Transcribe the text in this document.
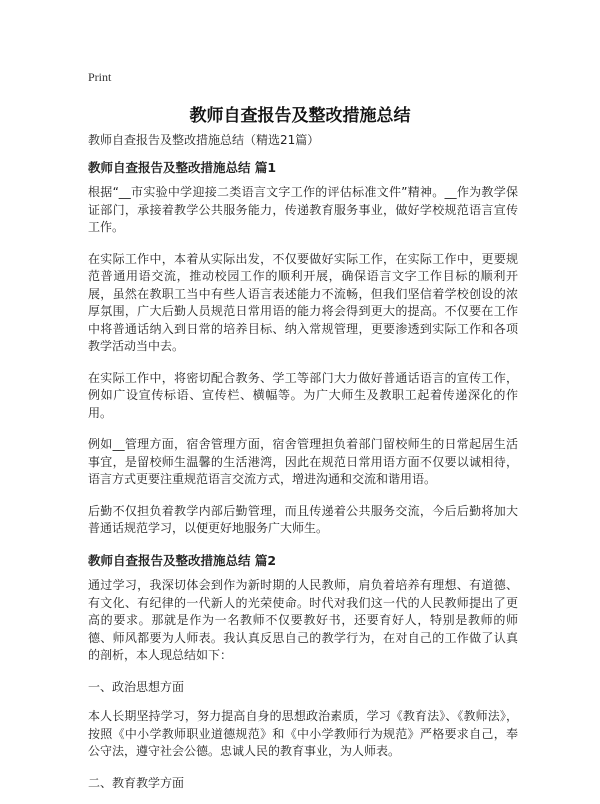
Print
教师自查报告及整改措施总结

教师自查报告及整改措施总结（精选21篇）

教师自查报告及整改措施总结 篇1

根据“__市实验中学迎接二类语言文字工作的评估标准文件”精神。__作为教学保证部门，承接着教学公共服务能力，传递教育服务事业，做好学校规范语言宣传工作。

在实际工作中，本着从实际出发，不仅要做好实际工作，在实际工作中，更要规范普通用语交流，推动校园工作的顺利开展，确保语言文字工作目标的顺利开展，虽然在教职工当中有些人语言表述能力不流畅，但我们坚信着学校创设的浓厚氛围，广大后勤人员规范日常用语的能力将会得到更大的提高。不仅要在工作中将普通话纳入到日常的培养目标、纳入常规管理，更要渗透到实际工作和各项教学活动当中去。

在实际工作中，将密切配合教务、学工等部门大力做好普通话语言的宣传工作，例如广设宣传标语、宣传栏、横幅等。为广大师生及教职工起着传递深化的作用。

例如__管理方面，宿舍管理方面，宿舍管理担负着部门留校师生的日常起居生活事宜，是留校师生温馨的生活港湾，因此在规范日常用语方面不仅要以诚相待，语言方式更要注重规范语言交流方式，增进沟通和交流和谐用语。

后勤不仅担负着教学内部后勤管理，而且传递着公共服务交流，今后后勤将加大普通话规范学习，以便更好地服务广大师生。

教师自查报告及整改措施总结 篇2

通过学习，我深切体会到作为新时期的人民教师，肩负着培养有理想、有道德、有文化、有纪律的一代新人的光荣使命。时代对我们这一代的人民教师提出了更高的要求。那就是作为一名教师不仅要教好书，还要育好人，特别是教师的师德、师风都要为人师表。我认真反思自己的教学行为，在对自己的工作做了认真的剖析，本人现总结如下：

一、政治思想方面

本人长期坚持学习，努力提高自身的思想政治素质，学习《教育法》、《教师法》，按照《中小学教师职业道德规范》和《中小学教师行为规范》严格要求自己，奉公守法，遵守社会公德。忠诚人民的教育事业，为人师表。

二、教育教学方面
